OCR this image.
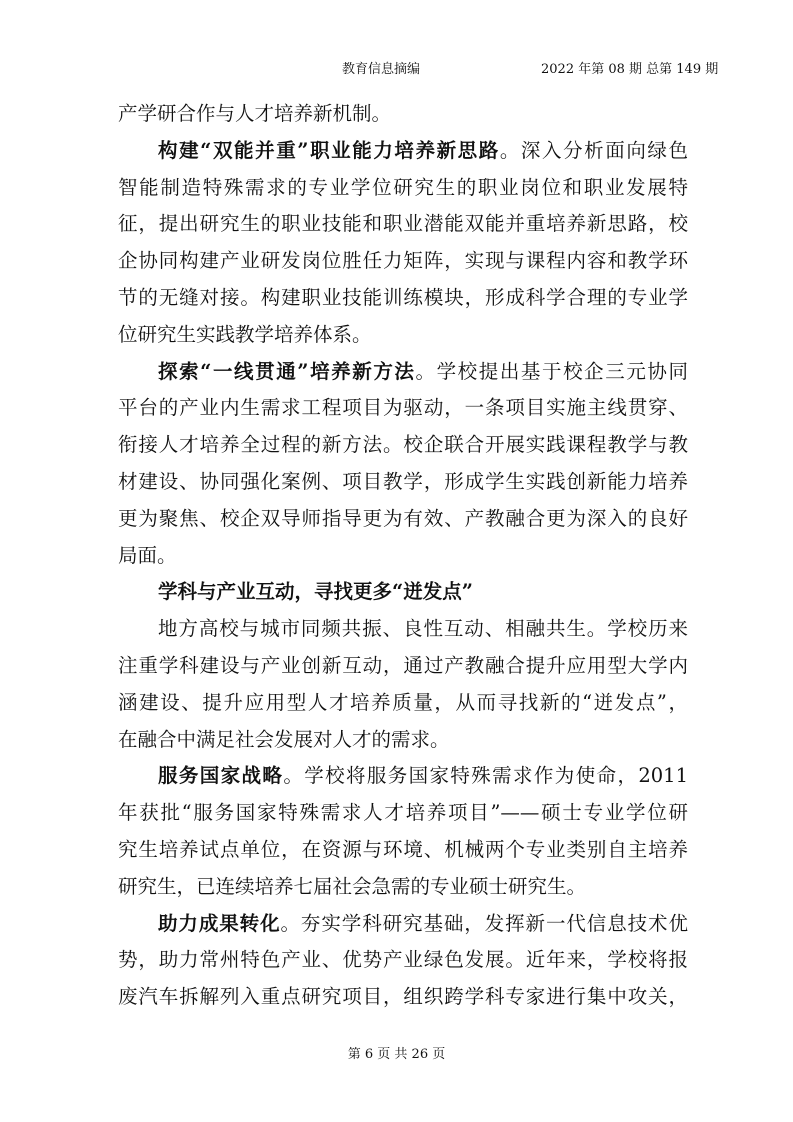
教育信息摘编	2022 年第 08 期 总第 149 期
产学研合作与人才培养新机制。
构建“双能并重”职业能力培养新思路。深入分析面向绿色
智能制造特殊需求的专业学位研究生的职业岗位和职业发展特
征，提出研究生的职业技能和职业潜能双能并重培养新思路，校
企协同构建产业研发岗位胜任力矩阵，实现与课程内容和教学环
节的无缝对接。构建职业技能训练模块，形成科学合理的专业学
位研究生实践教学培养体系。
探索“一线贯通”培养新方法。学校提出基于校企三元协同
平台的产业内生需求工程项目为驱动，一条项目实施主线贯穿、
衔接人才培养全过程的新方法。校企联合开展实践课程教学与教
材建设、协同强化案例、项目教学，形成学生实践创新能力培养
更为聚焦、校企双导师指导更为有效、产教融合更为深入的良好
局面。
学科与产业互动，寻找更多“迸发点”
地方高校与城市同频共振、良性互动、相融共生。学校历来
注重学科建设与产业创新互动，通过产教融合提升应用型大学内
涵建设、提升应用型人才培养质量，从而寻找新的“迸发点”，
在融合中满足社会发展对人才的需求。
服务国家战略。学校将服务国家特殊需求作为使命，2011
年获批“服务国家特殊需求人才培养项目”——硕士专业学位研
究生培养试点单位，在资源与环境、机械两个专业类别自主培养
研究生，已连续培养七届社会急需的专业硕士研究生。
助力成果转化。夯实学科研究基础，发挥新一代信息技术优
势，助力常州特色产业、优势产业绿色发展。近年来，学校将报
废汽车拆解列入重点研究项目，组织跨学科专家进行集中攻关，
第 6 页 共 26 页
